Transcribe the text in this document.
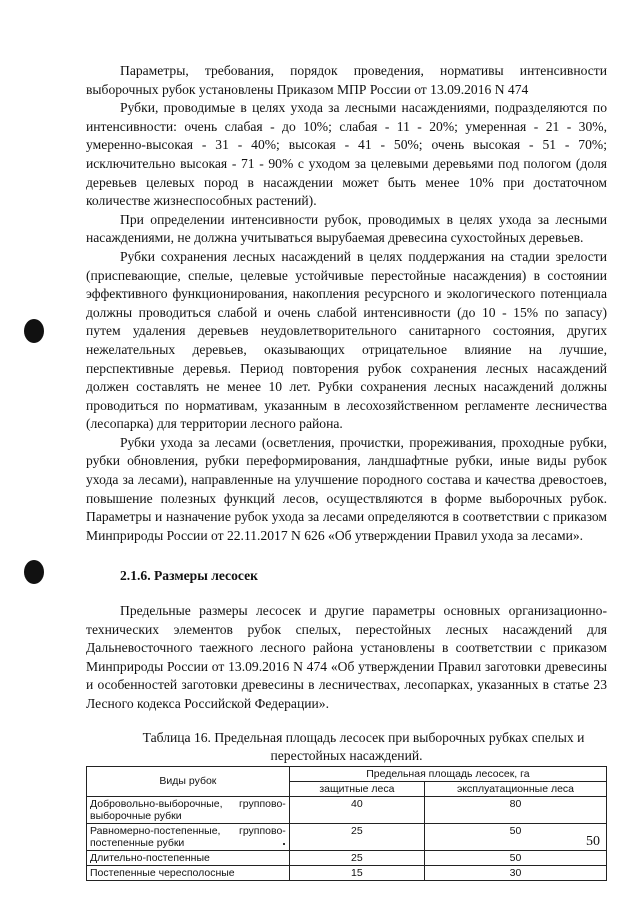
Параметры, требования, порядок проведения, нормативы интенсивности выборочных рубок установлены Приказом МПР России от 13.09.2016 N 474

Рубки, проводимые в целях ухода за лесными насаждениями, подразделяются по интенсивности: очень слабая - до 10%; слабая - 11 - 20%; умеренная - 21 - 30%, умеренно-высокая - 31 - 40%; высокая - 41 - 50%; очень высокая - 51 - 70%; исключительно высокая - 71 - 90% с уходом за целевыми деревьями под пологом (доля деревьев целевых пород в насаждении может быть менее 10% при достаточном количестве жизнеспособных растений).

При определении интенсивности рубок, проводимых в целях ухода за лесными насаждениями, не должна учитываться вырубаемая древесина сухостойных деревьев.

Рубки сохранения лесных насаждений в целях поддержания на стадии зрелости (приспевающие, спелые, целевые устойчивые перестойные насаждения) в состоянии эффективного функционирования, накопления ресурсного и экологического потенциала должны проводиться слабой и очень слабой интенсивности (до 10 - 15% по запасу) путем удаления деревьев неудовлетворительного санитарного состояния, других нежелательных деревьев, оказывающих отрицательное влияние на лучшие, перспективные деревья. Период повторения рубок сохранения лесных насаждений должен составлять не менее 10 лет. Рубки сохранения лесных насаждений должны проводиться по нормативам, указанным в лесохозяйственном регламенте лесничества (лесопарка) для территории лесного района.

Рубки ухода за лесами (осветления, прочистки, прореживания, проходные рубки, рубки обновления, рубки переформирования, ландшафтные рубки, иные виды рубок ухода за лесами), направленные на улучшение породного состава и качества древостоев, повышение полезных функций лесов, осуществляются в форме выборочных рубок. Параметры и назначение рубок ухода за лесами определяются в соответствии с приказом Минприроды России от 22.11.2017 N 626 «Об утверждении Правил ухода за лесами».

2.1.6. Размеры лесосек

Предельные размеры лесосек и другие параметры основных организационно-технических элементов рубок спелых, перестойных лесных насаждений для Дальневосточного таежного лесного района установлены в соответствии с приказом Минприроды России от 13.09.2016 N 474 «Об утверждении Правил заготовки древесины и особенностей заготовки древесины в лесничествах, лесопарках, указанных в статье 23 Лесного кодекса Российской Федерации».

Таблица 16. Предельная площадь лесосек при выборочных рубках спелых и перестойных насаждений.

Виды рубок	Предельная площадь лесосек, га	
	защитные леса	эксплуатационные леса
Добровольно-выборочные, группово-выборочные рубки	40	80
Равномерно-постепенные, группово-постепенные рубки	25	50
Длительно-постепенные	25	50
Постепенные чересполосные	15	30
50
